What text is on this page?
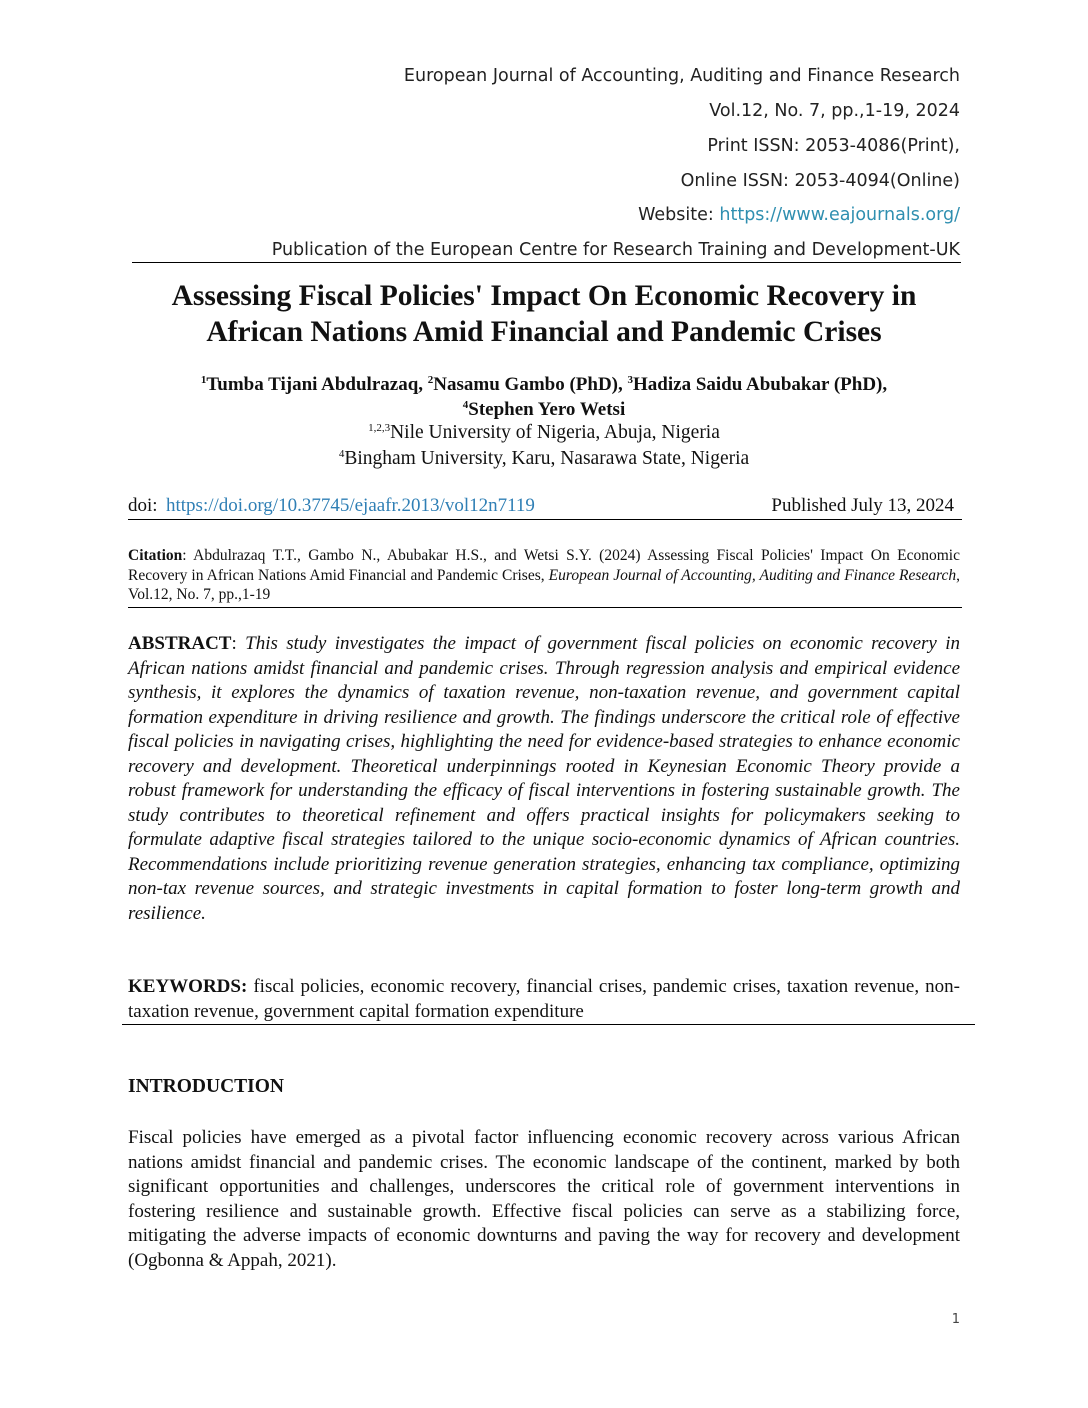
European Journal of Accounting, Auditing and Finance Research
Vol.12, No. 7, pp.,1-19, 2024
Print ISSN: 2053-4086(Print),
Online ISSN: 2053-4094(Online)
Website: https://www.eajournals.org/
Publication of the European Centre for Research Training and Development-UK
Assessing Fiscal Policies' Impact On Economic Recovery in
African Nations Amid Financial and Pandemic Crises
$^1$Tumba Tijani Abdulrazaq, $^2$Nasamu Gambo (PhD), $^3$Hadiza Saidu Abubakar (PhD),
$^4$Stephen Yero Wetsi
$^{1,2,3}$Nile University of Nigeria, Abuja, Nigeria
$^4$Bingham University, Karu, Nasarawa State, Nigeria
doi: https://doi.org/10.37745/ejaafr.2013/vol12n7119	Published July 13, 2024
Citation: Abdulrazaq T.T., Gambo N., Abubakar H.S., and Wetsi S.Y. (2024) Assessing Fiscal Policies' Impact On Economic Recovery in African Nations Amid Financial and Pandemic Crises, European Journal of Accounting, Auditing and Finance Research, Vol.12, No. 7, pp.,1-19
ABSTRACT: This study investigates the impact of government fiscal policies on economic recovery in African nations amidst financial and pandemic crises. Through regression analysis and empirical evidence synthesis, it explores the dynamics of taxation revenue, non-taxation revenue, and government capital formation expenditure in driving resilience and growth. The findings underscore the critical role of effective fiscal policies in navigating crises, highlighting the need for evidence-based strategies to enhance economic recovery and development. Theoretical underpinnings rooted in Keynesian Economic Theory provide a robust framework for understanding the efficacy of fiscal interventions in fostering sustainable growth. The study contributes to theoretical refinement and offers practical insights for policymakers seeking to formulate adaptive fiscal strategies tailored to the unique socio-economic dynamics of African countries. Recommendations include prioritizing revenue generation strategies, enhancing tax compliance, optimizing non-tax revenue sources, and strategic investments in capital formation to foster long-term growth and resilience.
KEYWORDS: fiscal policies, economic recovery, financial crises, pandemic crises, taxation revenue, non-taxation revenue, government capital formation expenditure
INTRODUCTION
Fiscal policies have emerged as a pivotal factor influencing economic recovery across various African nations amidst financial and pandemic crises. The economic landscape of the continent, marked by both significant opportunities and challenges, underscores the critical role of government interventions in fostering resilience and sustainable growth. Effective fiscal policies can serve as a stabilizing force, mitigating the adverse impacts of economic downturns and paving the way for recovery and development (Ogbonna & Appah, 2021).
1
